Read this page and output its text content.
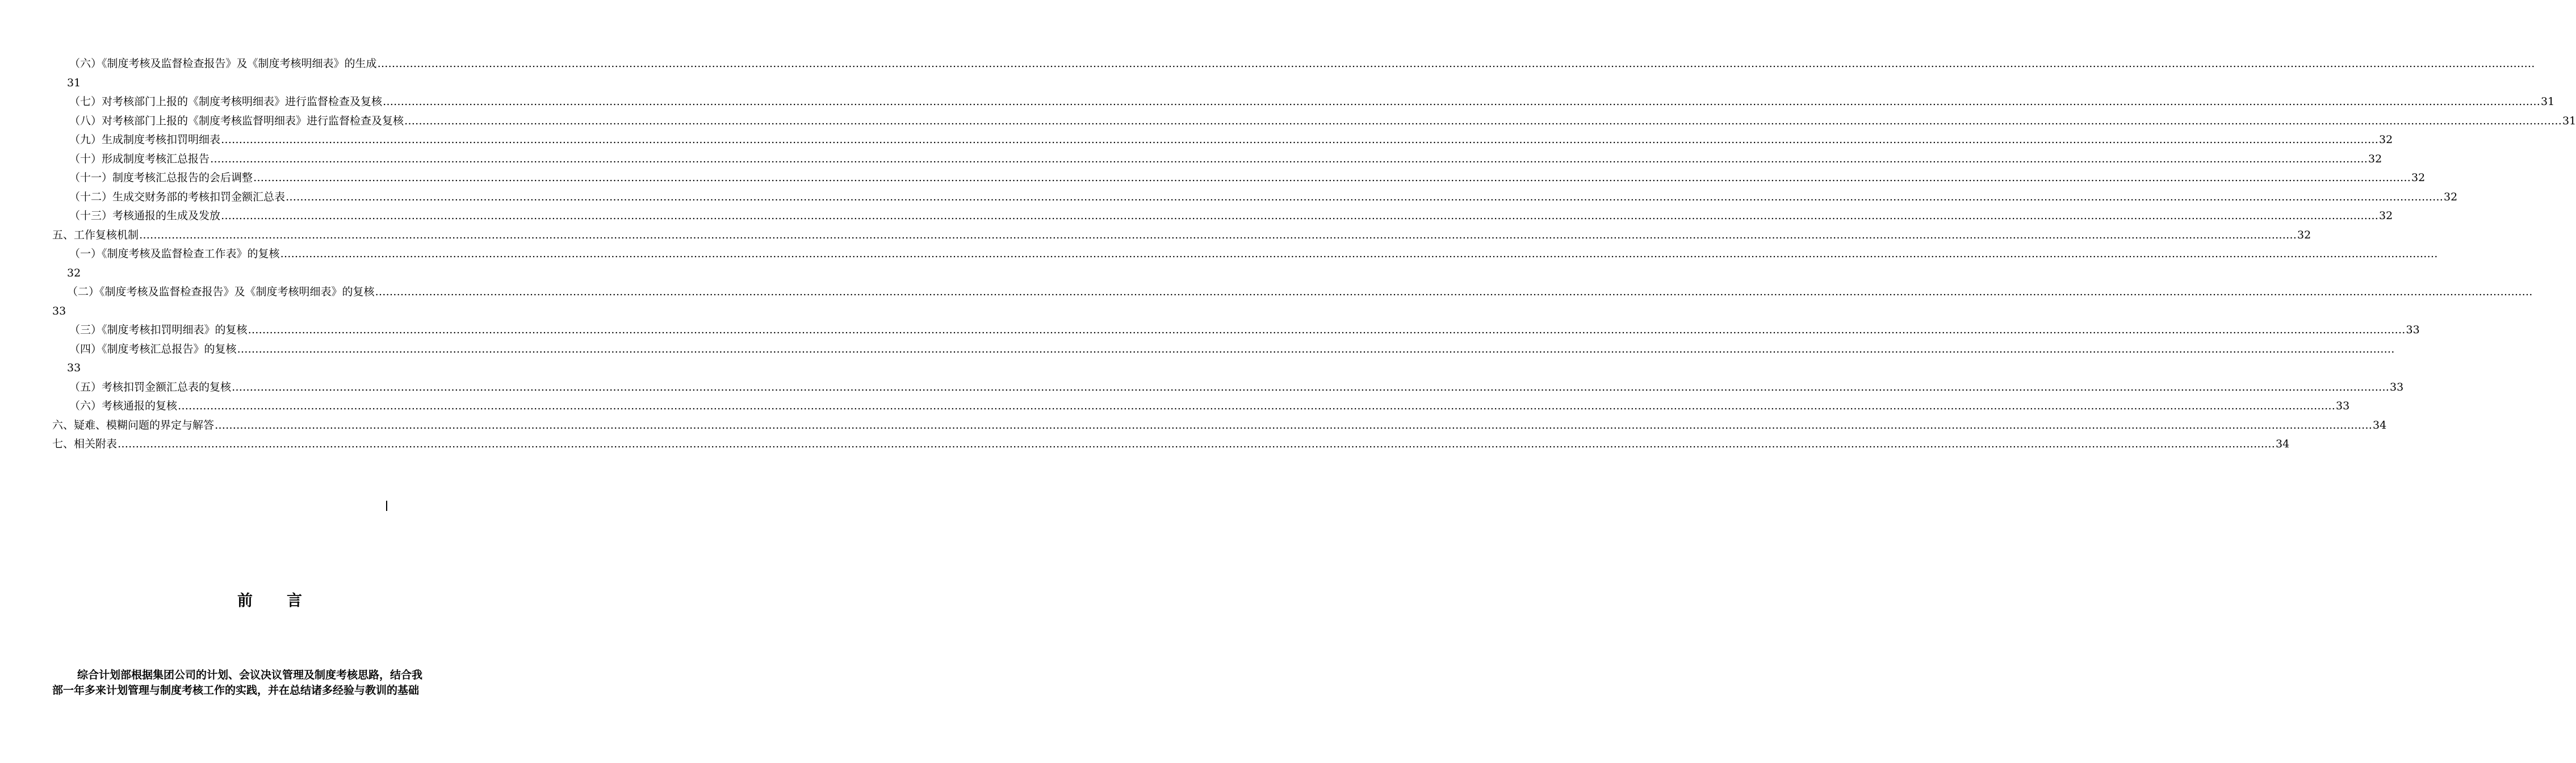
（六）《制度考核及监督检查报告》及《制度考核明细表》的生成 ……………………………………………………………………………………………………………………………………………………………………………………………………………………………………………………………………………………………………………………………………………………………………………………………………………………………………………………………………………………………………………………………………………………
31
（七）对考核部门上报的《制度考核明细表》进行监督检查及复核 …………………………………………………………………………………………………………………………………………………………………………………………………………………………………………………………………………………………………………………………………………………………………………………………………………………………………………………………………………………………………………………………………………………… 31
（八）对考核部门上报的《制度考核监督明细表》进行监督检查及复核 …………………………………………………………………………………………………………………………………………………………………………………………………………………………………………………………………………………………………………………………………………………………………………………………………………………………………………………………………………………………………………………………………………………… 31
（九）生成制度考核扣罚明细表 …………………………………………………………………………………………………………………………………………………………………………………………………………………………………………………………………………………………………………………………………………………………………………………………………………………………………………………………………………………………………………………………………………………… 32
（十）形成制度考核汇总报告 …………………………………………………………………………………………………………………………………………………………………………………………………………………………………………………………………………………………………………………………………………………………………………………………………………………………………………………………………………………………………………………………………………………… 32
（十一）制度考核汇总报告的会后调整 …………………………………………………………………………………………………………………………………………………………………………………………………………………………………………………………………………………………………………………………………………………………………………………………………………………………………………………………………………………………………………………………………………………… 32
（十二）生成交财务部的考核扣罚金额汇总表 …………………………………………………………………………………………………………………………………………………………………………………………………………………………………………………………………………………………………………………………………………………………………………………………………………………………………………………………………………………………………………………………………………………… 32
（十三）考核通报的生成及发放 …………………………………………………………………………………………………………………………………………………………………………………………………………………………………………………………………………………………………………………………………………………………………………………………………………………………………………………………………………………………………………………………………………………… 32
五、工作复核机制 …………………………………………………………………………………………………………………………………………………………………………………………………………………………………………………………………………………………………………………………………………………………………………………………………………………………………………………………………………………………………………………………………………………… 32
（一）《制度考核及监督检查工作表》的复核 ……………………………………………………………………………………………………………………………………………………………………………………………………………………………………………………………………………………………………………………………………………………………………………………………………………………………………………………………………………………………………………………………………………………
32
（二）《制度考核及监督检查报告》及《制度考核明细表》的复核 ……………………………………………………………………………………………………………………………………………………………………………………………………………………………………………………………………………………………………………………………………………………………………………………………………………………………………………………………………………………………………………………………………………………
33
（三）《制度考核扣罚明细表》的复核 …………………………………………………………………………………………………………………………………………………………………………………………………………………………………………………………………………………………………………………………………………………………………………………………………………………………………………………………………………………………………………………………………………………… 33
（四）《制度考核汇总报告》的复核 ……………………………………………………………………………………………………………………………………………………………………………………………………………………………………………………………………………………………………………………………………………………………………………………………………………………………………………………………………………………………………………………………………………………
33
（五）考核扣罚金额汇总表的复核 …………………………………………………………………………………………………………………………………………………………………………………………………………………………………………………………………………………………………………………………………………………………………………………………………………………………………………………………………………………………………………………………………………………… 33
（六）考核通报的复核 …………………………………………………………………………………………………………………………………………………………………………………………………………………………………………………………………………………………………………………………………………………………………………………………………………………………………………………………………………………………………………………………………………………… 33
六、疑难、模糊问题的界定与解答 …………………………………………………………………………………………………………………………………………………………………………………………………………………………………………………………………………………………………………………………………………………………………………………………………………………………………………………………………………………………………………………………………………………… 34
七、相关附表 …………………………………………………………………………………………………………………………………………………………………………………………………………………………………………………………………………………………………………………………………………………………………………………………………………………………………………………………………………………………………………………………………………………… 34
前 言
综合计划部根据集团公司的计划、会议决议管理及制度考核思路，结合我
部一年多来计划管理与制度考核工作的实践，并在总结诸多经验与教训的基础
